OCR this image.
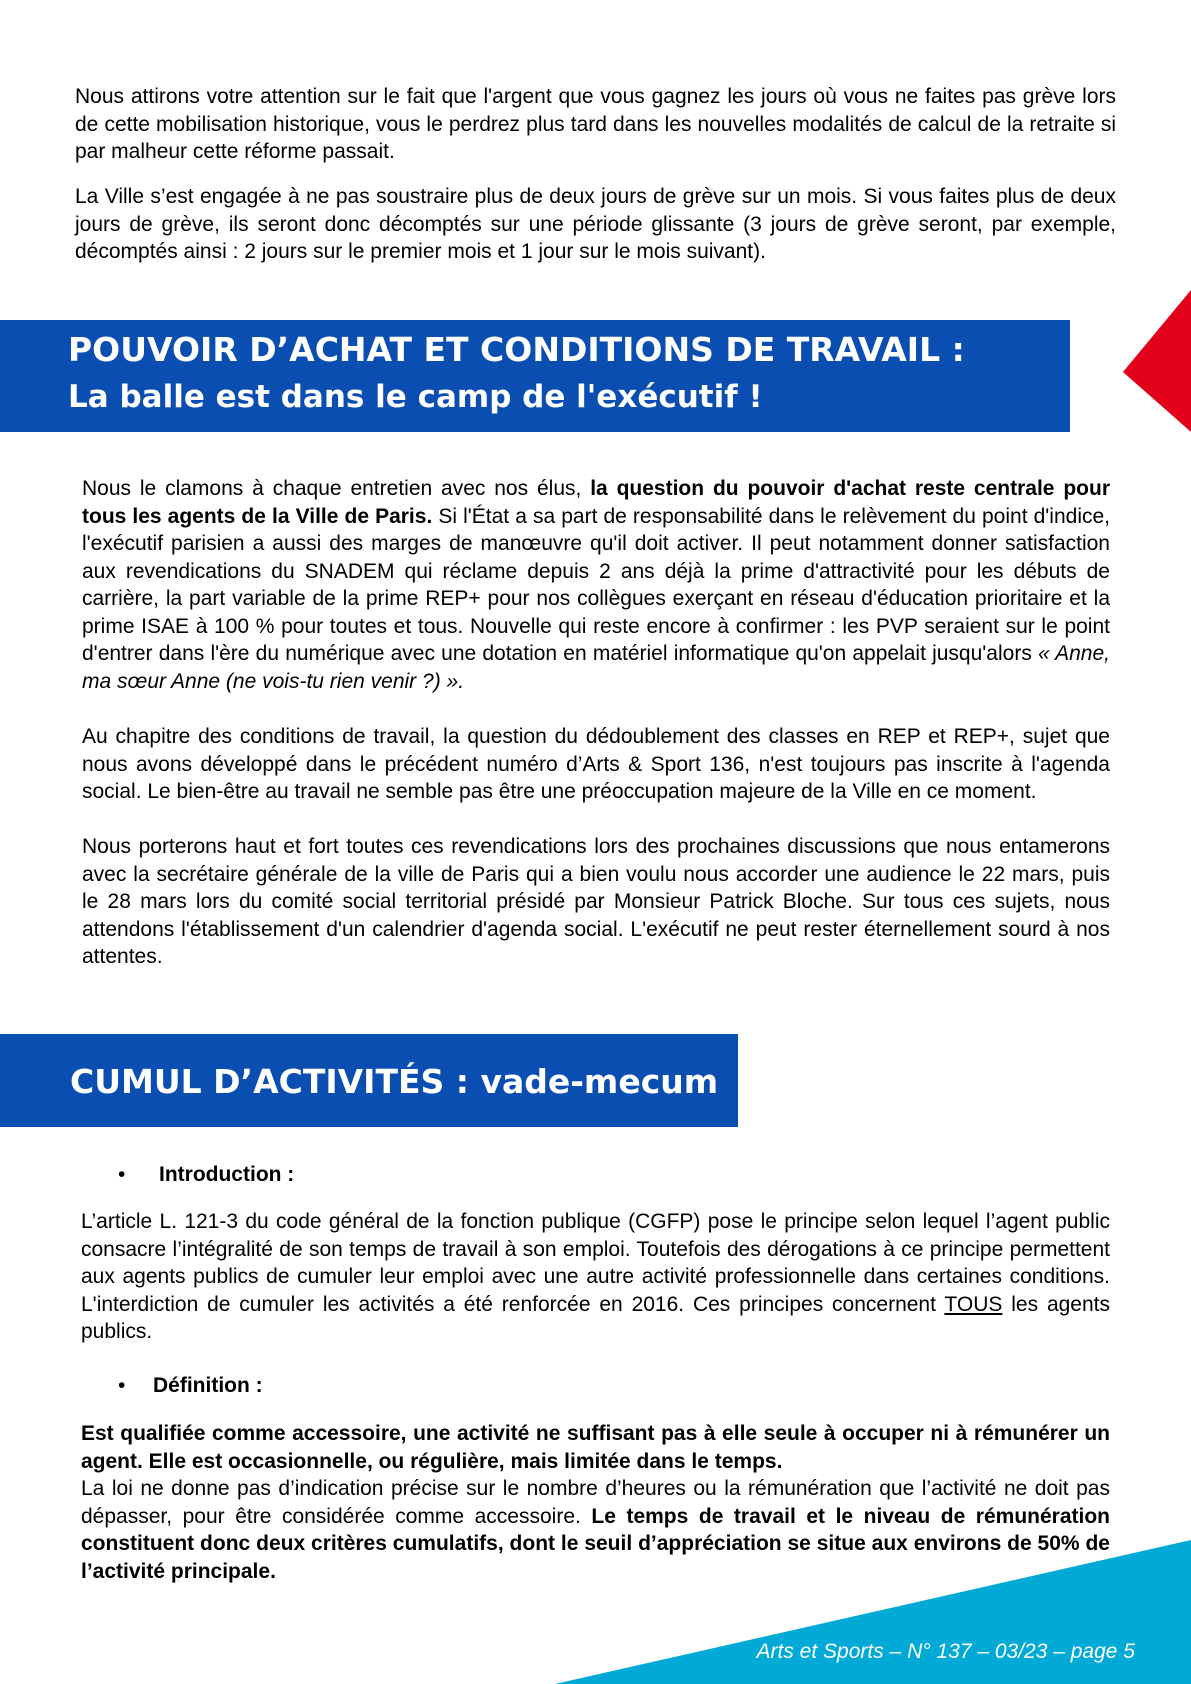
Nous attirons votre attention sur le fait que l'argent que vous gagnez les jours où vous ne faites pas grève lors de cette mobilisation historique, vous le perdrez plus tard dans les nouvelles modalités de calcul de la retraite si par malheur cette réforme passait.

La Ville s’est engagée à ne pas soustraire plus de deux jours de grève sur un mois. Si vous faites plus de deux jours de grève, ils seront donc décomptés sur une période glissante (3 jours de grève seront, par exemple, décomptés ainsi : 2 jours sur le premier mois et 1 jour sur le mois suivant).

POUVOIR D’ACHAT ET CONDITIONS DE TRAVAIL :
La balle est dans le camp de l'exécutif !
Nous le clamons à chaque entretien avec nos élus, la question du pouvoir d'achat reste centrale pour tous les agents de la Ville de Paris. Si l'État a sa part de responsabilité dans le relèvement du point d'indice, l'exécutif parisien a aussi des marges de manœuvre qu'il doit activer. Il peut notamment donner satisfaction aux revendications du SNADEM qui réclame depuis 2 ans déjà la prime d'attractivité pour les débuts de carrière, la part variable de la prime REP+ pour nos collègues exerçant en réseau d'éducation prioritaire et la prime ISAE à 100 % pour toutes et tous. Nouvelle qui reste encore à confirmer : les PVP seraient sur le point d'entrer dans l'ère du numérique avec une dotation en matériel informatique qu'on appelait jusqu'alors « Anne, ma sœur Anne (ne vois-tu rien venir ?) ».

Au chapitre des conditions de travail, la question du dédoublement des classes en REP et REP+, sujet que nous avons développé dans le précédent numéro d’Arts & Sport 136, n'est toujours pas inscrite à l'agenda social. Le bien-être au travail ne semble pas être une préoccupation majeure de la Ville en ce moment.

Nous porterons haut et fort toutes ces revendications lors des prochaines discussions que nous entamerons avec la secrétaire générale de la ville de Paris qui a bien voulu nous accorder une audience le 22 mars, puis le 28 mars lors du comité social territorial présidé par Monsieur Patrick Bloche. Sur tous ces sujets, nous attendons l'établissement d'un calendrier d'agenda social. L'exécutif ne peut rester éternellement sourd à nos attentes.

CUMUL D’ACTIVITÉS : vade-mecum
• Introduction :
L’article L. 121-3 du code général de la fonction publique (CGFP) pose le principe selon lequel l’agent public consacre l’intégralité de son temps de travail à son emploi. Toutefois des dérogations à ce principe permettent aux agents publics de cumuler leur emploi avec une autre activité professionnelle dans certaines conditions. L'interdiction de cumuler les activités a été renforcée en 2016. Ces principes concernent TOUS les agents publics.
• Définition :
Est qualifiée comme accessoire, une activité ne suffisant pas à elle seule à occuper ni à rémunérer un agent. Elle est occasionnelle, ou régulière, mais limitée dans le temps.
La loi ne donne pas d’indication précise sur le nombre d’heures ou la rémunération que l’activité ne doit pas dépasser, pour être considérée comme accessoire. Le temps de travail et le niveau de rémunération constituent donc deux critères cumulatifs, dont le seuil d’appréciation se situe aux environs de 50% de l’activité principale.
Arts et Sports – N° 137 – 03/23 – page 5
